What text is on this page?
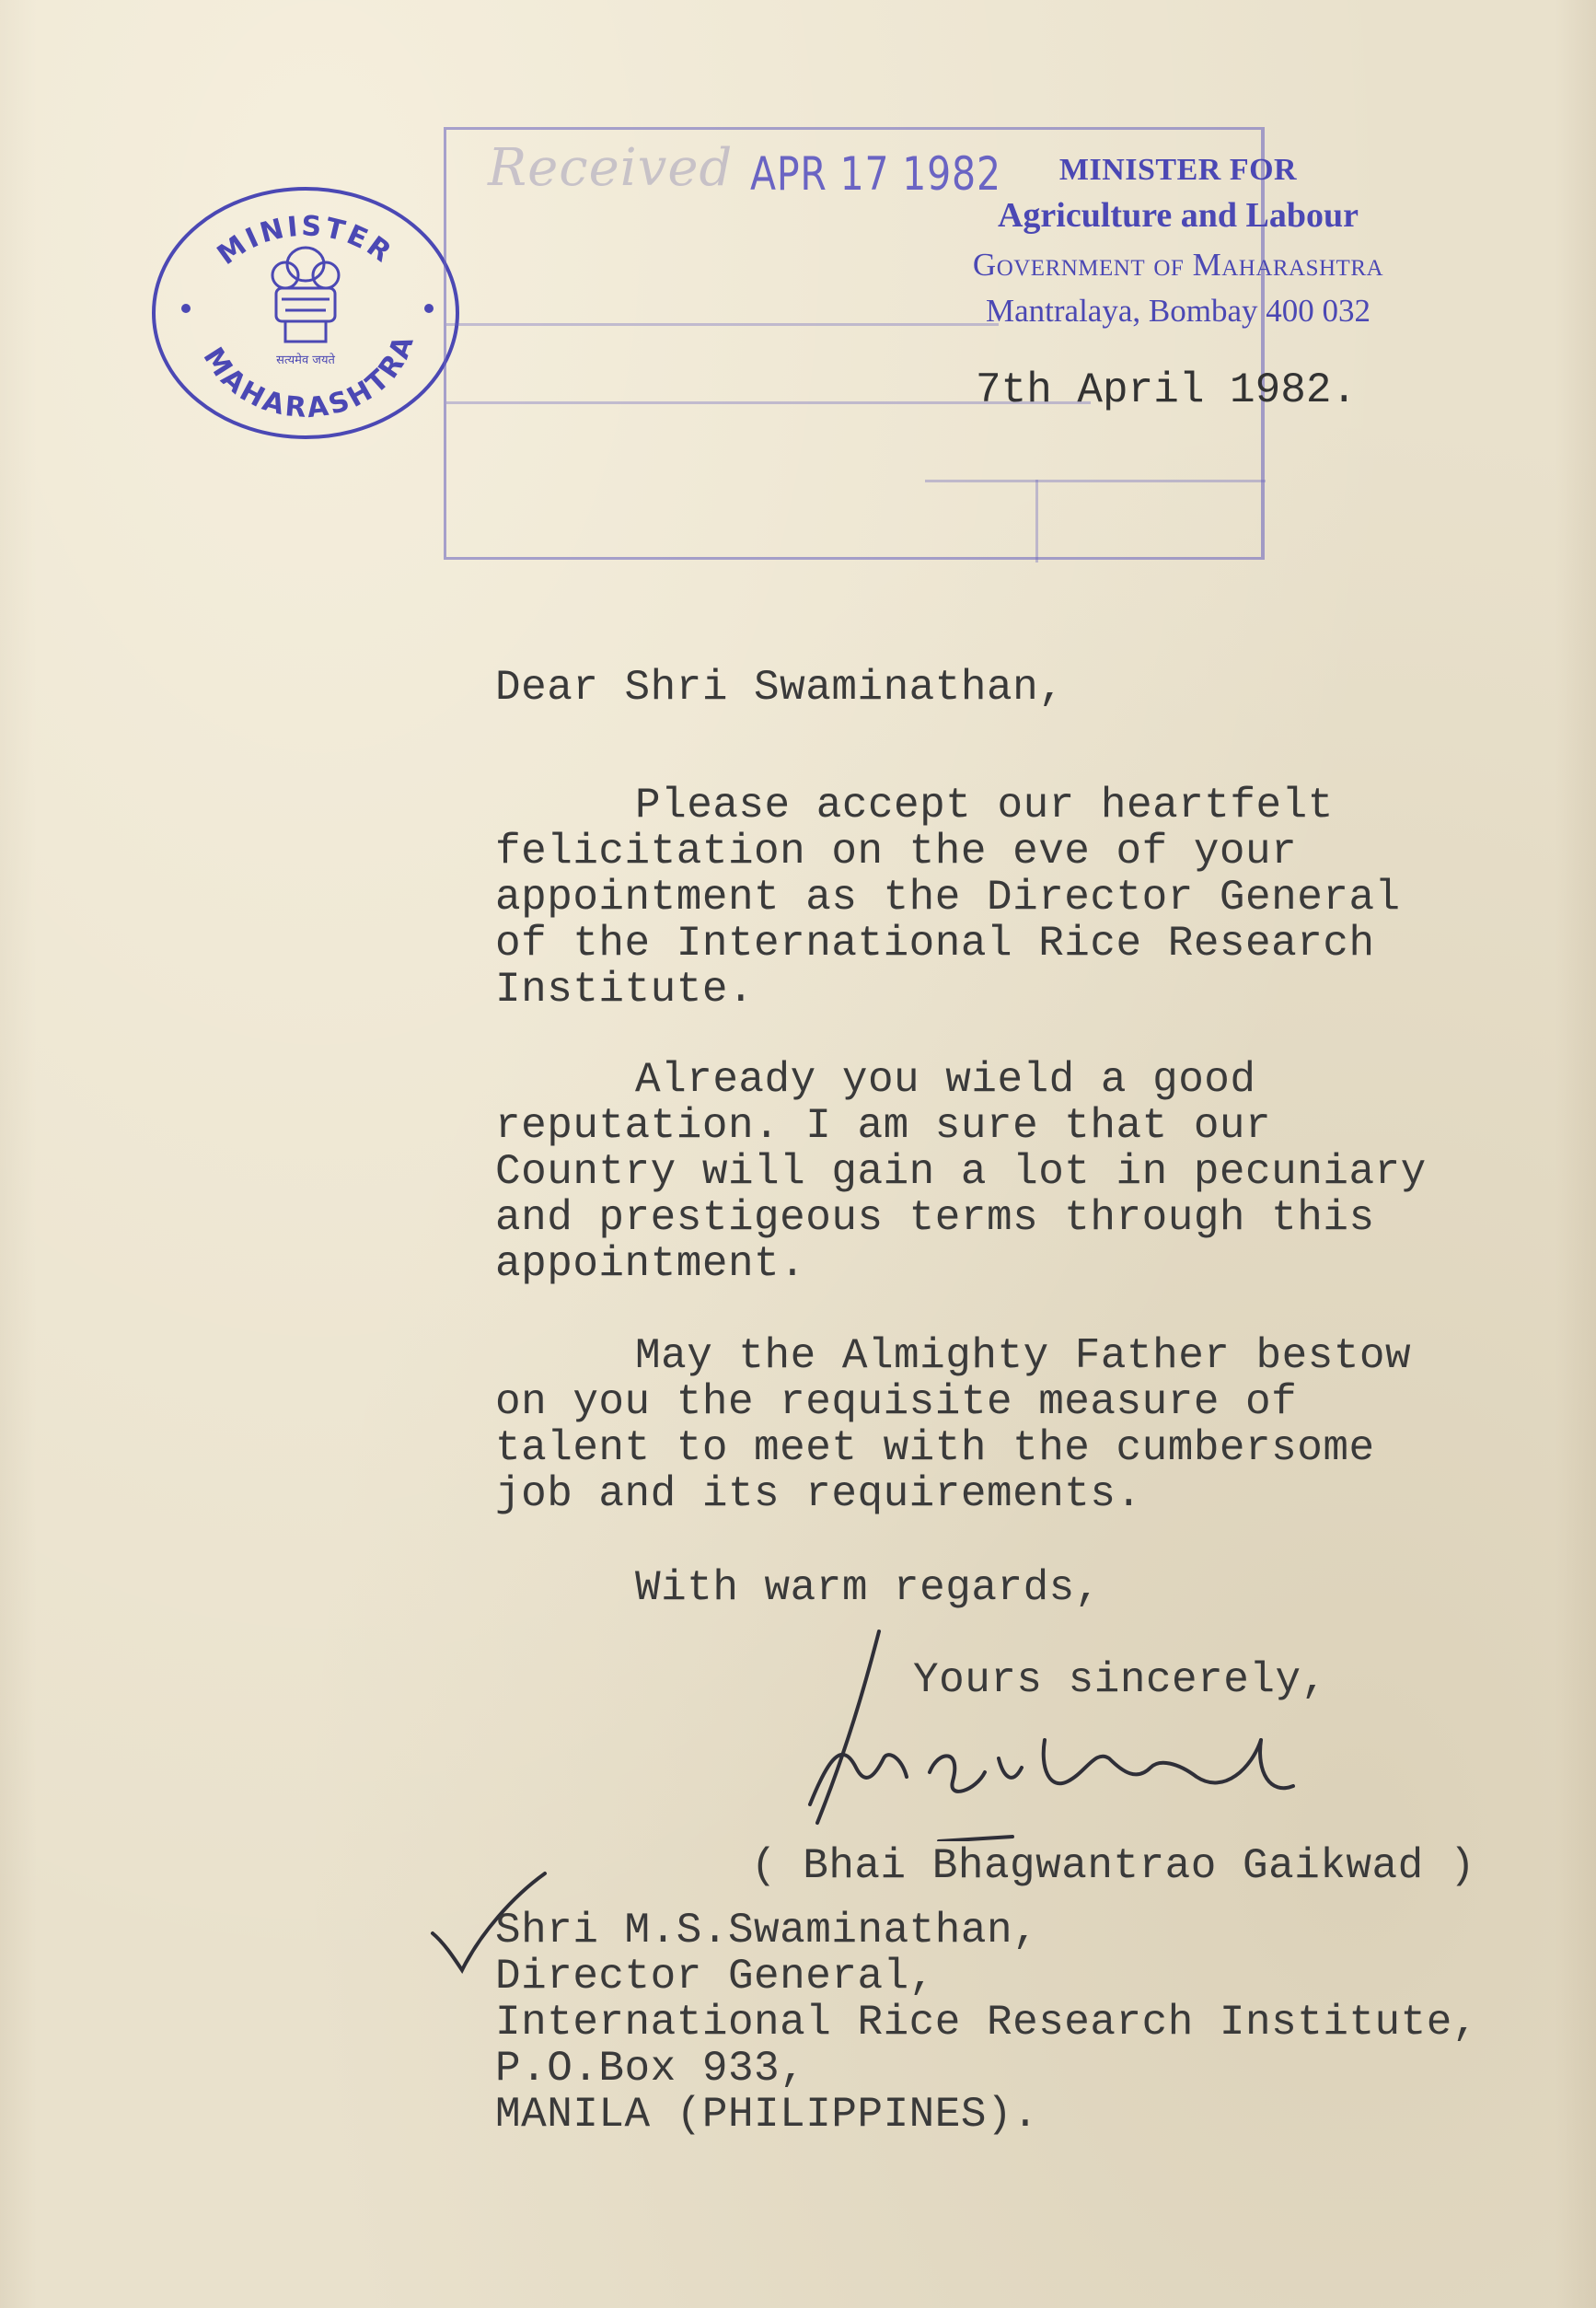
MINISTER
MAHARASHTRA
सत्यमेव जयते
Received APR 17 1982	MINISTER FOR
Agriculture and Labour
Government of Maharashtra
Mantralaya, Bombay 400 032
7th April 1982.
Dear Shri Swaminathan,
Please accept our heartfelt
felicitation on the eve of your
appointment as the Director General
of the International Rice Research
Institute.
Already you wield a good
reputation. I am sure that our
Country will gain a lot in pecuniary
and prestigeous terms through this
appointment.
May the Almighty Father bestow
on you the requisite measure of
talent to meet with the cumbersome
job and its requirements.
With warm regards,
Yours sincerely,
( Bhai Bhagwantrao Gaikwad )
Shri M.S.Swaminathan,
Director General,
International Rice Research Institute,
P.O.Box 933,
MANILA (PHILIPPINES).
